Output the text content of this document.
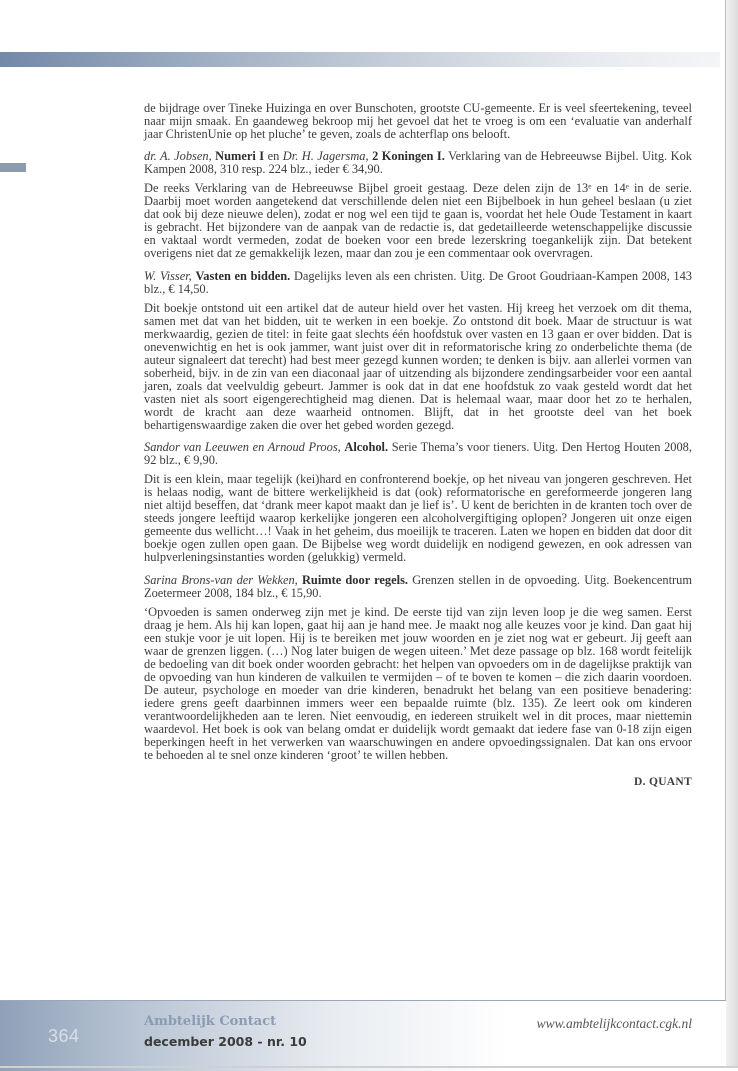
de bijdrage over Tineke Huizinga en over Bunschoten, grootste CU-gemeente. Er is veel sfeertekening, teveel naar mijn smaak. En gaandeweg bekroop mij het gevoel dat het te vroeg is om een ‘evaluatie van anderhalf jaar ChristenUnie op het pluche’ te geven, zoals de achterflap ons belooft.

dr. A. Jobsen, Numeri I en Dr. H. Jagersma, 2 Koningen I. Verklaring van de Hebreeuwse Bijbel. Uitg. Kok Kampen 2008, 310 resp. 224 blz., ieder € 34,90.

De reeks Verklaring van de Hebreeuwse Bijbel groeit gestaag. Deze delen zijn de 13ᵉ en 14ᵉ in de serie. Daarbij moet worden aangetekend dat verschillende delen niet een Bijbelboek in hun geheel beslaan (u ziet dat ook bij deze nieuwe delen), zodat er nog wel een tijd te gaan is, voordat het hele Oude Testament in kaart is gebracht. Het bijzondere van de aanpak van de redactie is, dat gedetailleerde wetenschappelijke discussie en vaktaal wordt vermeden, zodat de boeken voor een brede lezerskring toegankelijk zijn. Dat betekent overigens niet dat ze gemakkelijk lezen, maar dan zou je een commentaar ook overvragen.

W. Visser, Vasten en bidden. Dagelijks leven als een christen. Uitg. De Groot Goudriaan-Kampen 2008, 143 blz., € 14,50.

Dit boekje ontstond uit een artikel dat de auteur hield over het vasten. Hij kreeg het verzoek om dit thema, samen met dat van het bidden, uit te werken in een boekje. Zo ontstond dit boek. Maar de structuur is wat merkwaardig, gezien de titel: in feite gaat slechts één hoofdstuk over vasten en 13 gaan er over bidden. Dat is onevenwichtig en het is ook jammer, want juist over dit in reformatorische kring zo onderbelichte thema (de auteur signaleert dat terecht) had best meer gezegd kunnen worden; te denken is bijv. aan allerlei vormen van soberheid, bijv. in de zin van een diaconaal jaar of uitzending als bijzondere zendingsarbeider voor een aantal jaren, zoals dat veelvuldig gebeurt. Jammer is ook dat in dat ene hoofdstuk zo vaak gesteld wordt dat het vasten niet als soort eigengerechtigheid mag dienen. Dat is helemaal waar, maar door het zo te herhalen, wordt de kracht aan deze waarheid ontnomen. Blijft, dat in het grootste deel van het boek behartigenswaardige zaken die over het gebed worden gezegd.

Sandor van Leeuwen en Arnoud Proos, Alcohol. Serie Thema’s voor tieners. Uitg. Den Hertog Houten 2008, 92 blz., € 9,90.

Dit is een klein, maar tegelijk (kei)hard en confronterend boekje, op het niveau van jongeren geschreven. Het is helaas nodig, want de bittere werkelijkheid is dat (ook) reformatorische en gereformeerde jongeren lang niet altijd beseffen, dat ‘drank meer kapot maakt dan je lief is’. U kent de berichten in de kranten toch over de steeds jongere leeftijd waarop kerkelijke jongeren een alcoholvergiftiging oplopen? Jongeren uit onze eigen gemeente dus wellicht…! Vaak in het geheim, dus moeilijk te traceren. Laten we hopen en bidden dat door dit boekje ogen zullen open gaan. De Bijbelse weg wordt duidelijk en nodigend gewezen, en ook adressen van hulpverleningsinstanties worden (gelukkig) vermeld.

Sarina Brons-van der Wekken, Ruimte door regels. Grenzen stellen in de opvoeding. Uitg. Boekencentrum Zoetermeer 2008, 184 blz., € 15,90.

‘Opvoeden is samen onderweg zijn met je kind. De eerste tijd van zijn leven loop je die weg samen. Eerst draag je hem. Als hij kan lopen, gaat hij aan je hand mee. Je maakt nog alle keuzes voor je kind. Dan gaat hij een stukje voor je uit lopen. Hij is te bereiken met jouw woorden en je ziet nog wat er gebeurt. Jij geeft aan waar de grenzen liggen. (…) Nog later buigen de wegen uiteen.’ Met deze passage op blz. 168 wordt feitelijk de bedoeling van dit boek onder woorden gebracht: het helpen van opvoeders om in de dagelijkse praktijk van de opvoeding van hun kinderen de valkuilen te vermijden – of te boven te komen – die zich daarin voordoen. De auteur, psychologe en moeder van drie kinderen, benadrukt het belang van een positieve benadering: iedere grens geeft daarbinnen immers weer een bepaalde ruimte (blz. 135). Ze leert ook om kinderen verantwoordelijkheden aan te leren. Niet eenvoudig, en iedereen struikelt wel in dit proces, maar niettemin waardevol. Het boek is ook van belang omdat er duidelijk wordt gemaakt dat iedere fase van 0-18 zijn eigen beperkingen heeft in het verwerken van waarschuwingen en andere opvoedingssignalen. Dat kan ons ervoor te behoeden al te snel onze kinderen ‘groot’ te willen hebben.

D. QUANT
364
Ambtelijk Contact
december 2008 - nr. 10
www.ambtelijkcontact.cgk.nl
